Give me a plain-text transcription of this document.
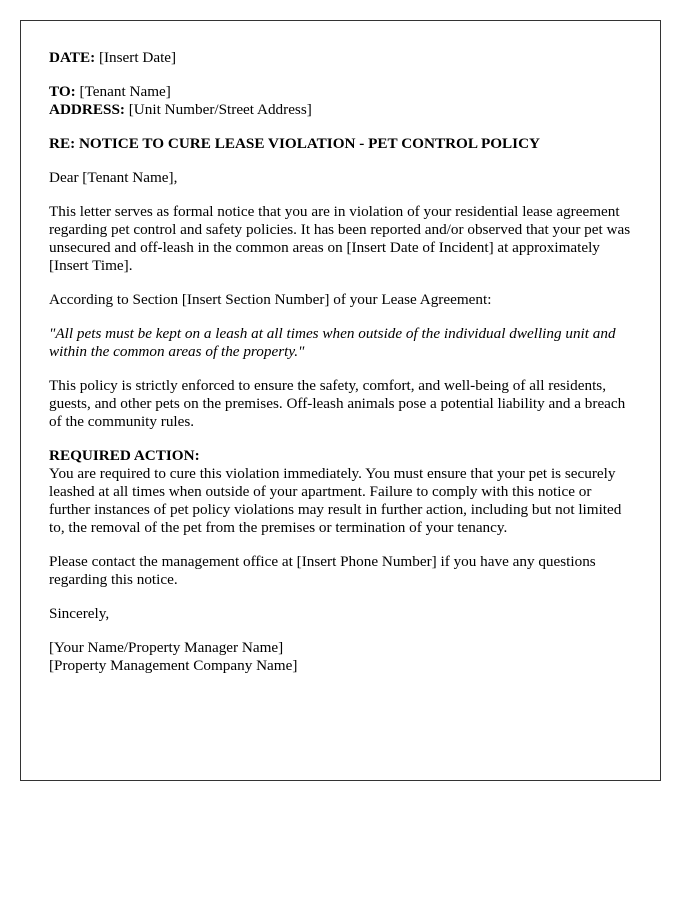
DATE: [Insert Date]

TO: [Tenant Name]
ADDRESS: [Unit Number/Street Address]

RE: NOTICE TO CURE LEASE VIOLATION - PET CONTROL POLICY

Dear [Tenant Name],

This letter serves as formal notice that you are in violation of your residential lease agreement regarding pet control and safety policies. It has been reported and/or observed that your pet was unsecured and off-leash in the common areas on [Insert Date of Incident] at approximately [Insert Time].

According to Section [Insert Section Number] of your Lease Agreement:

"All pets must be kept on a leash at all times when outside of the individual dwelling unit and within the common areas of the property."

This policy is strictly enforced to ensure the safety, comfort, and well-being of all residents, guests, and other pets on the premises. Off-leash animals pose a potential liability and a breach of the community rules.

REQUIRED ACTION:
You are required to cure this violation immediately. You must ensure that your pet is securely leashed at all times when outside of your apartment. Failure to comply with this notice or further instances of pet policy violations may result in further action, including but not limited to, the removal of the pet from the premises or termination of your tenancy.

Please contact the management office at [Insert Phone Number] if you have any questions regarding this notice.

Sincerely,

[Your Name/Property Manager Name]
[Property Management Company Name]
